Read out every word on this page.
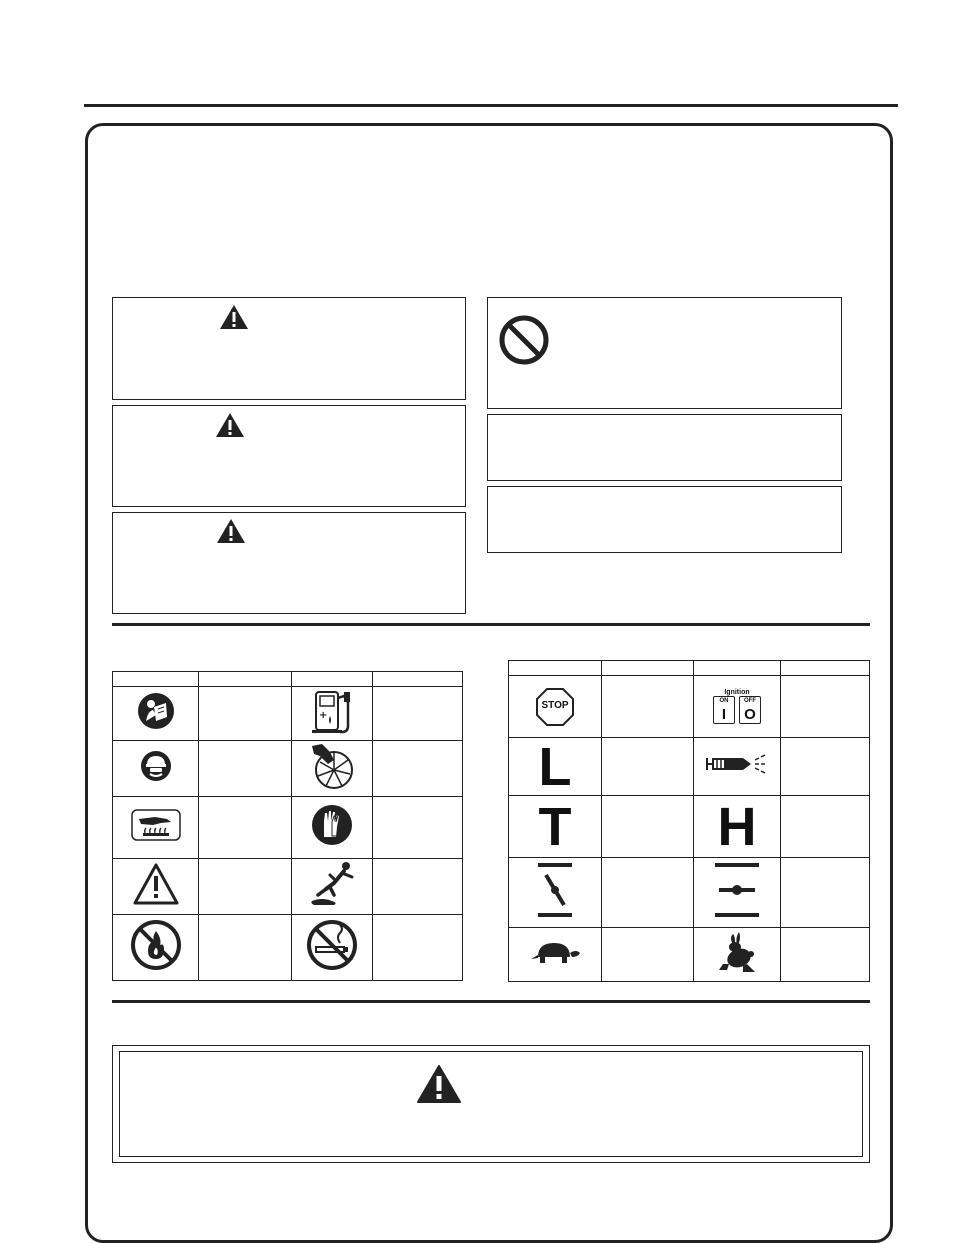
+	

STOP		Ignition
ON
I
OFF
O	

L			
T		H	
